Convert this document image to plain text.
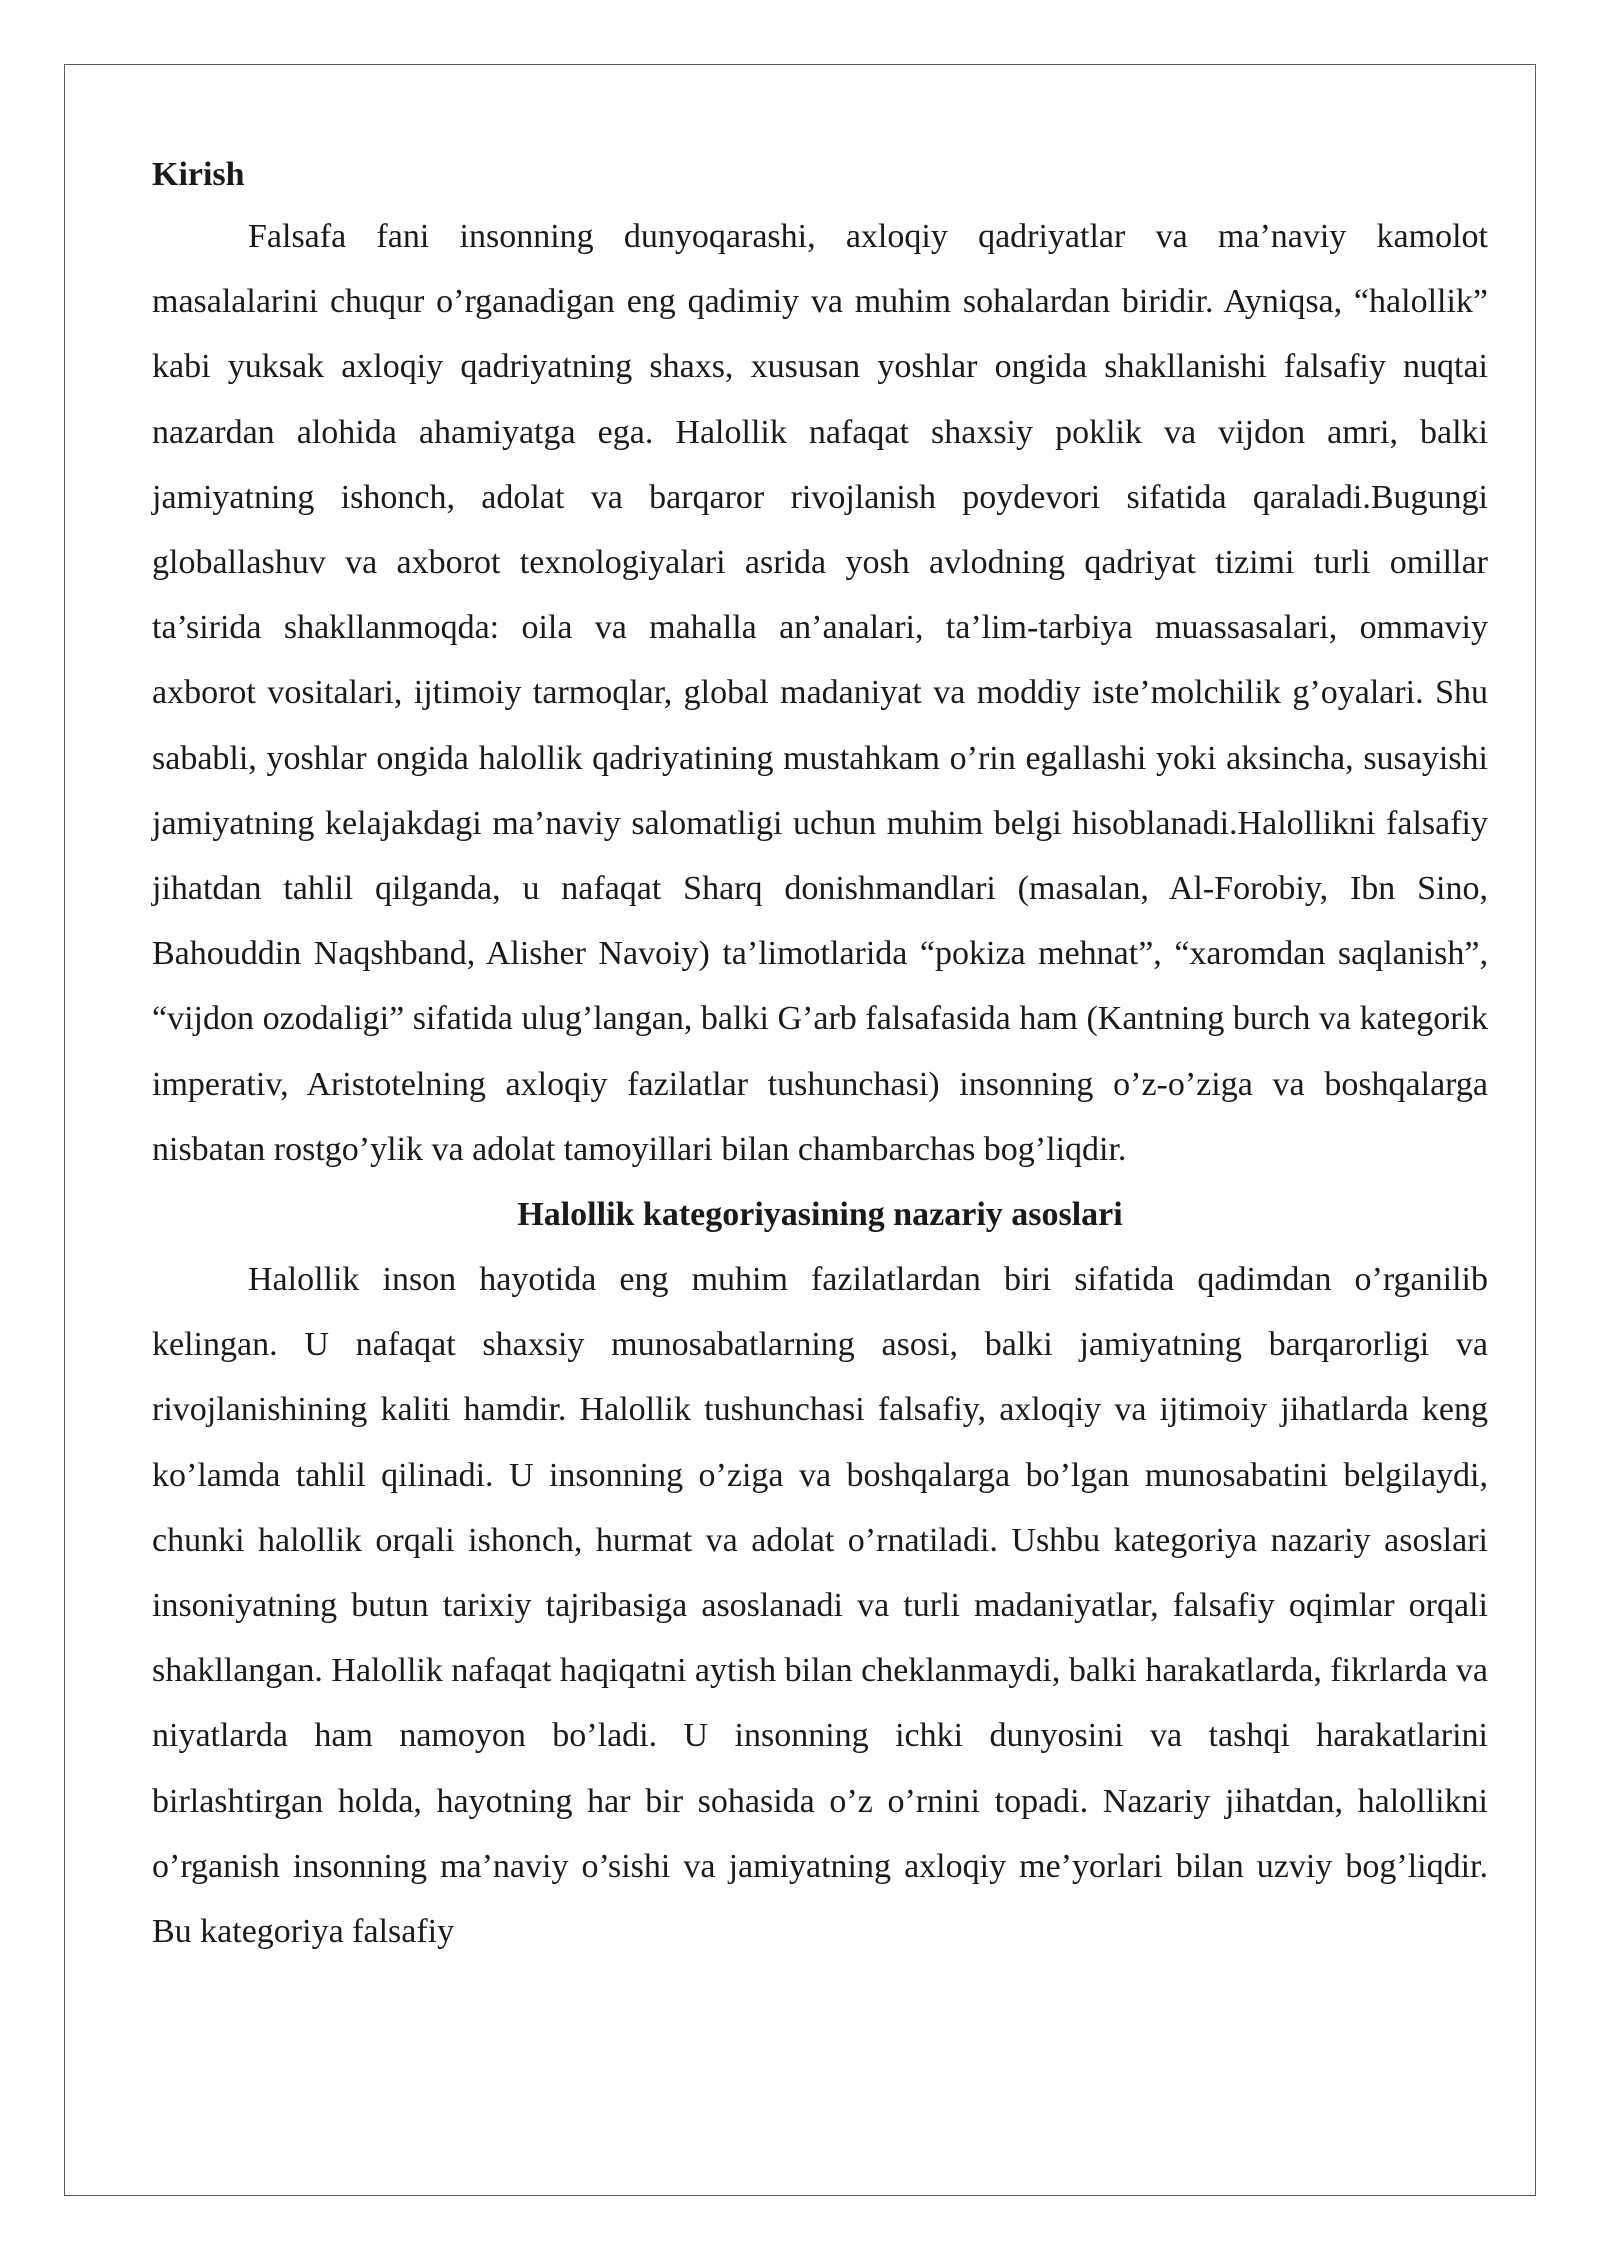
Kirish

Falsafa fani insonning dunyoqarashi, axloqiy qadriyatlar va ma’naviy kamolot masalalarini chuqur o’rganadigan eng qadimiy va muhim sohalardan biridir. Ayniqsa, “halollik” kabi yuksak axloqiy qadriyatning shaxs, xususan yoshlar ongida shakllanishi falsafiy nuqtai nazardan alohida ahamiyatga ega. Halollik nafaqat shaxsiy poklik va vijdon amri, balki jamiyatning ishonch, adolat va barqaror rivojlanish poydevori sifatida qaraladi.Bugungi globallashuv va axborot texnologiyalari asrida yosh avlodning qadriyat tizimi turli omillar ta’sirida shakllanmoqda: oila va mahalla an’analari, ta’lim-tarbiya muassasalari, ommaviy axborot vositalari, ijtimoiy tarmoqlar, global madaniyat va moddiy iste’molchilik g’oyalari. Shu sababli, yoshlar ongida halollik qadriyatining mustahkam o’rin egallashi yoki aksincha, susayishi jamiyatning kelajakdagi ma’naviy salomatligi uchun muhim belgi hisoblanadi.Halollikni falsafiy jihatdan tahlil qilganda, u nafaqat Sharq donishmandlari (masalan, Al-Forobiy, Ibn Sino, Bahouddin Naqshband, Alisher Navoiy) ta’limotlarida “pokiza mehnat”, “xaromdan saqlanish”, “vijdon ozodaligi” sifatida ulug’langan, balki G’arb falsafasida ham (Kantning burch va kategorik imperativ, Aristotelning axloqiy fazilatlar tushunchasi) insonning o’z-o’ziga va boshqalarga nisbatan rostgo’ylik va adolat tamoyillari bilan chambarchas bog’liqdir.

Halollik kategoriyasining nazariy asoslari

Halollik inson hayotida eng muhim fazilatlardan biri sifatida qadimdan o’rganilib kelingan. U nafaqat shaxsiy munosabatlarning asosi, balki jamiyatning barqarorligi va rivojlanishining kaliti hamdir. Halollik tushunchasi falsafiy, axloqiy va ijtimoiy jihatlarda keng ko’lamda tahlil qilinadi. U insonning o’ziga va boshqalarga bo’lgan munosabatini belgilaydi, chunki halollik orqali ishonch, hurmat va adolat o’rnatiladi. Ushbu kategoriya nazariy asoslari insoniyatning butun tarixiy tajribasiga asoslanadi va turli madaniyatlar, falsafiy oqimlar orqali shakllangan. Halollik nafaqat haqiqatni aytish bilan cheklanmaydi, balki harakatlarda, fikrlarda va niyatlarda ham namoyon bo’ladi. U insonning ichki dunyosini va tashqi harakatlarini birlashtirgan holda, hayotning har bir sohasida o’z o’rnini topadi. Nazariy jihatdan, halollikni o’rganish insonning ma’naviy o’sishi va jamiyatning axloqiy me’yorlari bilan uzviy bog’liqdir. Bu kategoriya falsafiy
